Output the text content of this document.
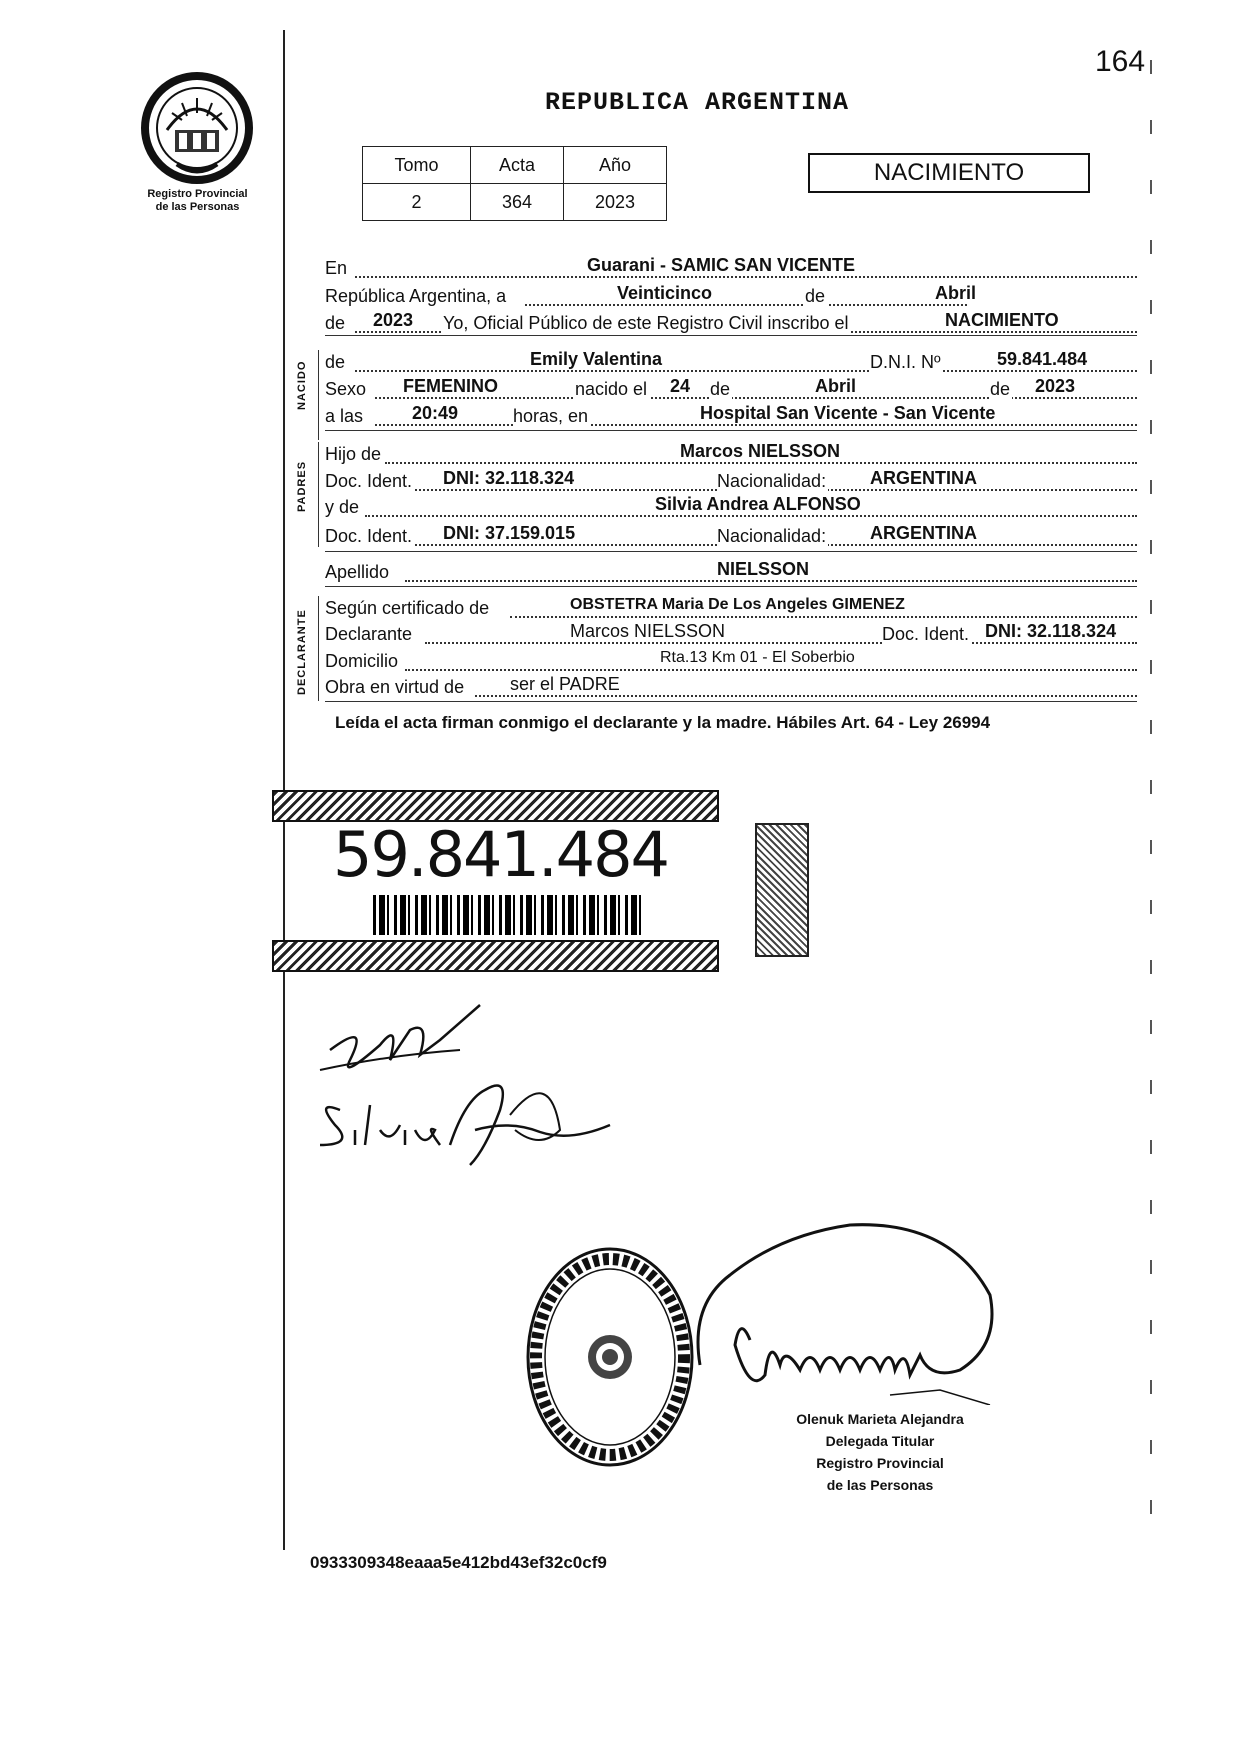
164
Registro Provincial
de las Personas
REPUBLICA ARGENTINA
Tomo	Acta	Año
2	364	2023
NACIMIENTO
En	Guarani - SAMIC SAN VICENTE
República Argentina, a	Veinticinco	de	Abril
de 2023 Yo, Oficial Público de este Registro Civil inscribo el	NACIMIENTO
NACIDO de	Emily Valentina	D.N.I. Nº	59.841.484
Sexo FEMENINO	nacido el 24 de	Abril	de 2023
a las	20:49	horas, en	Hospital San Vicente - San Vicente
PADRES
Hijo de	Marcos NIELSSON
Doc. Ident. DNI: 32.118.324	Nacionalidad: ARGENTINA
y de	Silvia Andrea ALFONSO
Doc. Ident. DNI: 37.159.015	Nacionalidad: ARGENTINA
Apellido	NIELSSON
DECLARANTE
Según certificado de	OBSTETRA Maria De Los Angeles GIMENEZ
Declarante	Marcos NIELSSON	Doc. Ident. DNI: 32.118.324
Domicilio	Rta.13 Km 01 - El Soberbio
Obra en virtud de	ser el PADRE
Leída el acta firman conmigo el declarante y la madre. Hábiles Art. 64 - Ley 26994
59.841.484
Olenuk Marieta Alejandra
Delegada Titular
Registro Provincial
de las Personas
0933309348eaaa5e412bd43ef32c0cf9
